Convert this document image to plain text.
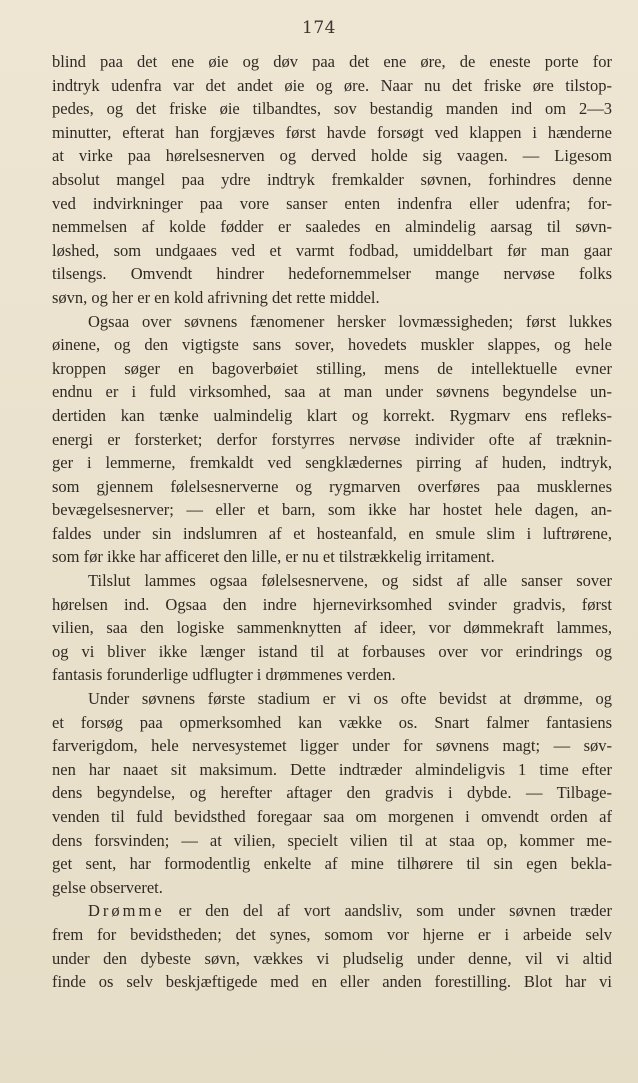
174
blind paa det ene øie og døv paa det ene øre, de eneste porte for
indtryk udenfra var det andet øie og øre. Naar nu det friske øre tilstop-
pedes, og det friske øie tilbandtes, sov bestandig manden ind om 2—3
minutter, efterat han forgjæves først havde forsøgt ved klappen i hænderne
at virke paa hørelsesnerven og derved holde sig vaagen. — Ligesom
absolut mangel paa ydre indtryk fremkalder søvnen, forhindres denne
ved indvirkninger paa vore sanser enten indenfra eller udenfra; for-
nemmelsen af kolde fødder er saaledes en almindelig aarsag til søvn-
løshed, som undgaaes ved et varmt fodbad, umiddelbart før man gaar
tilsengs. Omvendt hindrer hedefornemmelser mange nervøse folks
søvn, og her er en kold afrivning det rette middel.
Ogsaa over søvnens fænomener hersker lovmæssigheden; først lukkes
øinene, og den vigtigste sans sover, hovedets muskler slappes, og hele
kroppen søger en bagoverbøiet stilling, mens de intellektuelle evner
endnu er i fuld virksomhed, saa at man under søvnens begyndelse un-
dertiden kan tænke ualmindelig klart og korrekt. Rygmarv ens refleks-
energi er forsterket; derfor forstyrres nervøse individer ofte af træknin-
ger i lemmerne, fremkaldt ved sengklædernes pirring af huden, indtryk,
som gjennem følelsesnerverne og rygmarven overføres paa musklernes
bevægelsesnerver; — eller et barn, som ikke har hostet hele dagen, an-
faldes under sin indslumren af et hosteanfald, en smule slim i luftrørene,
som før ikke har afficeret den lille, er nu et tilstrækkelig irritament.
Tilslut lammes ogsaa følelsesnervene, og sidst af alle sanser sover
hørelsen ind. Ogsaa den indre hjernevirksomhed svinder gradvis, først
vilien, saa den logiske sammenknytten af ideer, vor dømmekraft lammes,
og vi bliver ikke længer istand til at forbauses over vor erindrings og
fantasis forunderlige udflugter i drømmenes verden.
Under søvnens første stadium er vi os ofte bevidst at drømme, og
et forsøg paa opmerksomhed kan vække os. Snart falmer fantasiens
farverigdom, hele nervesystemet ligger under for søvnens magt; — søv-
nen har naaet sit maksimum. Dette indtræder almindeligvis 1 time efter
dens begyndelse, og herefter aftager den gradvis i dybde. — Tilbage-
venden til fuld bevidsthed foregaar saa om morgenen i omvendt orden af
dens forsvinden; — at vilien, specielt vilien til at staa op, kommer me-
get sent, har formodentlig enkelte af mine tilhørere til sin egen bekla-
gelse observeret.
Drømme er den del af vort aandsliv, som under søvnen træder
frem for bevidstheden; det synes, somom vor hjerne er i arbeide selv
under den dybeste søvn, vækkes vi pludselig under denne, vil vi altid
finde os selv beskjæftigede med en eller anden forestilling. Blot har vi
